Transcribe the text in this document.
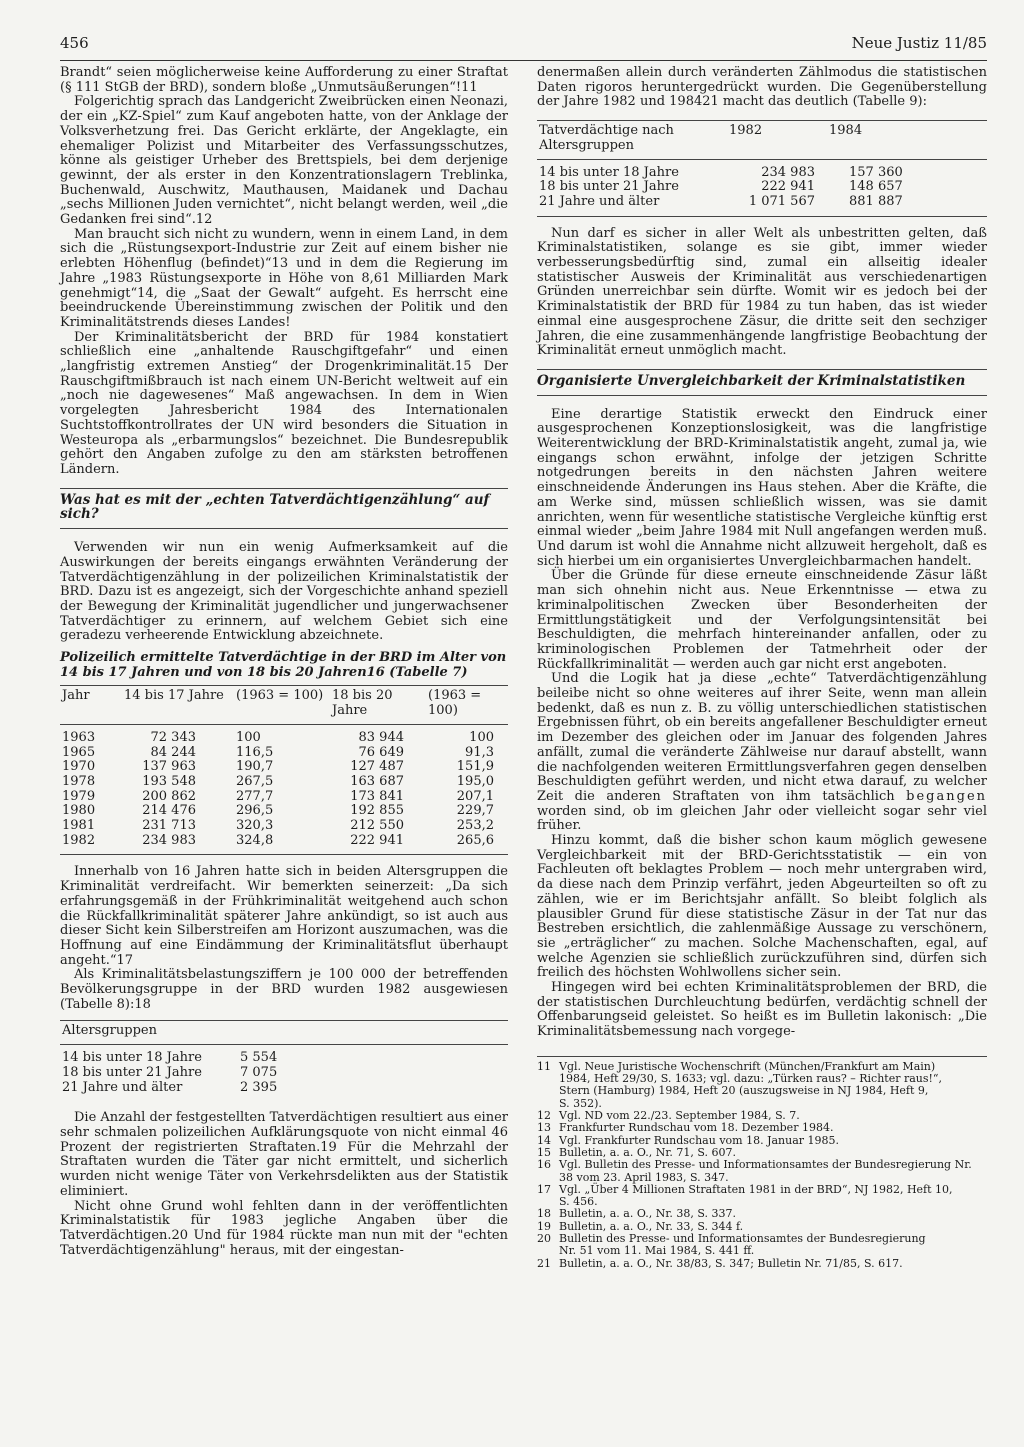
456	Neue Justiz 11/85

Brandt“ seien möglicherweise keine Aufforderung zu einer Straftat (§ 111 StGB der BRD), sondern bloße „Unmutsäußerungen“!11

Folgerichtig sprach das Landgericht Zweibrücken einen Neonazi, der ein „KZ-Spiel“ zum Kauf angeboten hatte, von der Anklage der Volksverhetzung frei. Das Gericht erklärte, der Angeklagte, ein ehemaliger Polizist und Mitarbeiter des Verfassungsschutzes, könne als geistiger Urheber des Brettspiels, bei dem derjenige gewinnt, der als erster in den Konzentrationslagern Treblinka, Buchenwald, Auschwitz, Mauthausen, Maidanek und Dachau „sechs Millionen Juden vernichtet“, nicht belangt werden, weil „die Gedanken frei sind“.12

Man braucht sich nicht zu wundern, wenn in einem Land, in dem sich die „Rüstungsexport-Industrie zur Zeit auf einem bisher nie erlebten Höhenflug (befindet)“13 und in dem die Regierung im Jahre „1983 Rüstungsexporte in Höhe von 8,61 Milliarden Mark genehmigt“14, die „Saat der Gewalt“ aufgeht. Es herrscht eine beeindruckende Übereinstimmung zwischen der Politik und den Kriminalitätstrends dieses Landes!

Der Kriminalitätsbericht der BRD für 1984 konstatiert schließlich eine „anhaltende Rauschgiftgefahr“ und einen „langfristig extremen Anstieg“ der Drogenkriminalität.15 Der Rauschgiftmißbrauch ist nach einem UN-Bericht weltweit auf ein „noch nie dagewesenes“ Maß angewachsen. In dem in Wien vorgelegten Jahresbericht 1984 des Internationalen Suchtstoffkontrollrates der UN wird besonders die Situation in Westeuropa als „erbarmungslos“ bezeichnet. Die Bundesrepublik gehört den Angaben zufolge zu den am stärksten betroffenen Ländern.

Was hat es mit der „echten Tatverdächtigenzählung“ auf sich?

Verwenden wir nun ein wenig Aufmerksamkeit auf die Auswirkungen der bereits eingangs erwähnten Veränderung der Tatverdächtigenzählung in der polizeilichen Kriminalstatistik der BRD. Dazu ist es angezeigt, sich der Vorgeschichte anhand speziell der Bewegung der Kriminalität jugendlicher und jungerwachsener Tatverdächtiger zu erinnern, auf welchem Gebiet sich eine geradezu verheerende Entwicklung abzeichnete.

Polizeilich ermittelte Tatverdächtige in der BRD im Alter von 14 bis 17 Jahren und von 18 bis 20 Jahren16 (Tabelle 7)
Jahr	14 bis 17 Jahre	(1963 = 100)	18 bis 20 Jahre	(1963 = 100)
1963	72 343	100	83 944	100
1965	84 244	116,5	76 649	91,3
1970	137 963	190,7	127 487	151,9
1978	193 548	267,5	163 687	195,0
1979	200 862	277,7	173 841	207,1
1980	214 476	296,5	192 855	229,7
1981	231 713	320,3	212 550	253,2
1982	234 983	324,8	222 941	265,6

Innerhalb von 16 Jahren hatte sich in beiden Altersgruppen die Kriminalität verdreifacht. Wir bemerkten seinerzeit: „Da sich erfahrungsgemäß in der Frühkriminalität weitgehend auch schon die Rückfallkriminalität späterer Jahre ankündigt, so ist auch aus dieser Sicht kein Silberstreifen am Horizont auszumachen, was die Hoffnung auf eine Eindämmung der Kriminalitätsflut überhaupt angeht.“17

Als Kriminalitätsbelastungsziffern je 100 000 der betreffenden Bevölkerungsgruppe in der BRD wurden 1982 ausgewiesen (Tabelle 8):18

Altersgruppen	
14 bis unter 18 Jahre	5 554
18 bis unter 21 Jahre	7 075
21 Jahre und älter	2 395

Die Anzahl der festgestellten Tatverdächtigen resultiert aus einer sehr schmalen polizeilichen Aufklärungsquote von nicht einmal 46 Prozent der registrierten Straftaten.19 Für die Mehrzahl der Straftaten wurden die Täter gar nicht ermittelt, und sicherlich wurden nicht wenige Täter von Verkehrsdelikten aus der Statistik eliminiert.

Nicht ohne Grund wohl fehlten dann in der veröffentlichten Kriminalstatistik für 1983 jegliche Angaben über die Tatverdächtigen.20 Und für 1984 rückte man nun mit der "echten Tatverdächtigenzählung" heraus, mit der eingestan-

denermaßen allein durch veränderten Zählmodus die statistischen Daten rigoros heruntergedrückt wurden. Die Gegenüberstellung der Jahre 1982 und 198421 macht das deutlich (Tabelle 9):

Tatverdächtige nach Altersgruppen	1982	1984
14 bis unter 18 Jahre	234 983	157 360
18 bis unter 21 Jahre	222 941	148 657
21 Jahre und älter	1 071 567	881 887

Nun darf es sicher in aller Welt als unbestritten gelten, daß Kriminalstatistiken, solange es sie gibt, immer wieder verbesserungsbedürftig sind, zumal ein allseitig idealer statistischer Ausweis der Kriminalität aus verschiedenartigen Gründen unerreichbar sein dürfte. Womit wir es jedoch bei der Kriminalstatistik der BRD für 1984 zu tun haben, das ist wieder einmal eine ausgesprochene Zäsur, die dritte seit den sechziger Jahren, die eine zusammenhängende langfristige Beobachtung der Kriminalität erneut unmöglich macht.

Organisierte Unvergleichbarkeit der Kriminalstatistiken

Eine derartige Statistik erweckt den Eindruck einer ausgesprochenen Konzeptionslosigkeit, was die langfristige Weiterentwicklung der BRD-Kriminalstatistik angeht, zumal ja, wie eingangs schon erwähnt, infolge der jetzigen Schritte notgedrungen bereits in den nächsten Jahren weitere einschneidende Änderungen ins Haus stehen. Aber die Kräfte, die am Werke sind, müssen schließlich wissen, was sie damit anrichten, wenn für wesentliche statistische Vergleiche künftig erst einmal wieder „beim Jahre 1984 mit Null angefangen werden muß. Und darum ist wohl die Annahme nicht allzuweit hergeholt, daß es sich hierbei um ein organisiertes Unvergleichbarmachen handelt.

Über die Gründe für diese erneute einschneidende Zäsur läßt man sich ohnehin nicht aus. Neue Erkenntnisse — etwa zu kriminalpolitischen Zwecken über Besonderheiten der Ermittlungstätigkeit und der Verfolgungsintensität bei Beschuldigten, die mehrfach hintereinander anfallen, oder zu kriminologischen Problemen der Tatmehrheit oder der Rückfallkriminalität — werden auch gar nicht erst angeboten.

Und die Logik hat ja diese „echte“ Tatverdächtigenzählung beileibe nicht so ohne weiteres auf ihrer Seite, wenn man allein bedenkt, daß es nun z. B. zu völlig unterschiedlichen statistischen Ergebnissen führt, ob ein bereits angefallener Beschuldigter erneut im Dezember des gleichen oder im Januar des folgenden Jahres anfällt, zumal die veränderte Zählweise nur darauf abstellt, wann die nachfolgenden weiteren Ermittlungsverfahren gegen denselben Beschuldigten geführt werden, und nicht etwa darauf, zu welcher Zeit die anderen Straftaten von ihm tatsächlich begangen worden sind, ob im gleichen Jahr oder vielleicht sogar sehr viel früher.

Hinzu kommt, daß die bisher schon kaum möglich gewesene Vergleichbarkeit mit der BRD-Gerichtsstatistik — ein von Fachleuten oft beklagtes Problem — noch mehr untergraben wird, da diese nach dem Prinzip verfährt, jeden Abgeurteilten so oft zu zählen, wie er im Berichtsjahr anfällt. So bleibt folglich als plausibler Grund für diese statistische Zäsur in der Tat nur das Bestreben ersichtlich, die zahlenmäßige Aussage zu verschönern, sie „erträglicher“ zu machen. Solche Machenschaften, egal, auf welche Agenzien sie schließlich zurückzuführen sind, dürfen sich freilich des höchsten Wohlwollens sicher sein.

Hingegen wird bei echten Kriminalitätsproblemen der BRD, die der statistischen Durchleuchtung bedürfen, verdächtig schnell der Offenbarungseid geleistet. So heißt es im Bulletin lakonisch: „Die Kriminalitätsbemessung nach vorgege-

11 Vgl. Neue Juristische Wochenschrift (München/Frankfurt am Main)
1984, Heft 29/30, S. 1633; vgl. dazu: „Türken raus? – Richter raus!“,
Stern (Hamburg) 1984, Heft 20 (auszugsweise in NJ 1984, Heft 9,
S. 352).
12 Vgl. ND vom 22./23. September 1984, S. 7.
13 Frankfurter Rundschau vom 18. Dezember 1984.
14 Vgl. Frankfurter Rundschau vom 18. Januar 1985.
15 Bulletin, a. a. O., Nr. 71, S. 607.
16 Vgl. Bulletin des Presse- und Informationsamtes der Bundesregierung Nr. 38 vom 23. April 1983, S. 347.
17 Vgl. „Über 4 Millionen Straftaten 1981 in der BRD“, NJ 1982, Heft 10,
S. 456.
18 Bulletin, a. a. O., Nr. 38, S. 337.
19 Bulletin, a. a. O., Nr. 33, S. 344 f.
20 Bulletin des Presse- und Informationsamtes der Bundesregierung
Nr. 51 vom 11. Mai 1984, S. 441 ff.
21 Bulletin, a. a. O., Nr. 38/83, S. 347; Bulletin Nr. 71/85, S. 617.
